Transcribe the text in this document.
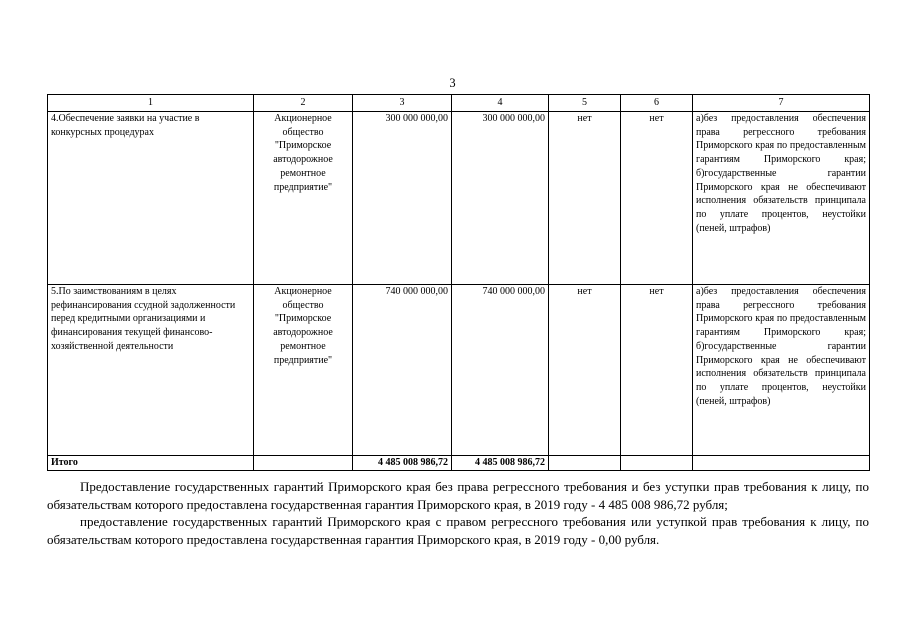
3
1	2	3	4	5	6	7
4.Обеспечение заявки на участие в конкурсных процедурах	Акционерное общество "Приморское автодорожное ремонтное предприятие"	300 000 000,00	300 000 000,00	нет	нет	а)без предоставления обеспечения права регрессного требования Приморского края по предоставленным гарантиям Приморского края; б)государственные гарантии Приморского края не обеспечивают исполнения обязательств принципала по уплате процентов, неустойки (пеней, штрафов)
5.По заимствованиям в целях рефинансирования ссудной задолженности перед кредитными организациями и финансирования текущей финансово-хозяйственной деятельности	Акционерное общество "Приморское автодорожное ремонтное предприятие"	740 000 000,00	740 000 000,00	нет	нет	а)без предоставления обеспечения права регрессного требования Приморского края по предоставленным гарантиям Приморского края; б)государственные гарантии Приморского края не обеспечивают исполнения обязательств принципала по уплате процентов, неустойки (пеней, штрафов)
Итого		4 485 008 986,72	4 485 008 986,72			

Предоставление государственных гарантий Приморского края без права регрессного требования и без уступки прав требования к лицу, по обязательствам которого предоставлена государственная гарантия Приморского края, в 2019 году - 4 485 008 986,72 рубля;

предоставление государственных гарантий Приморского края с правом регрессного требования или уступкой прав требования к лицу, по обязательствам которого предоставлена государственная гарантия Приморского края, в 2019 году - 0,00 рубля.
